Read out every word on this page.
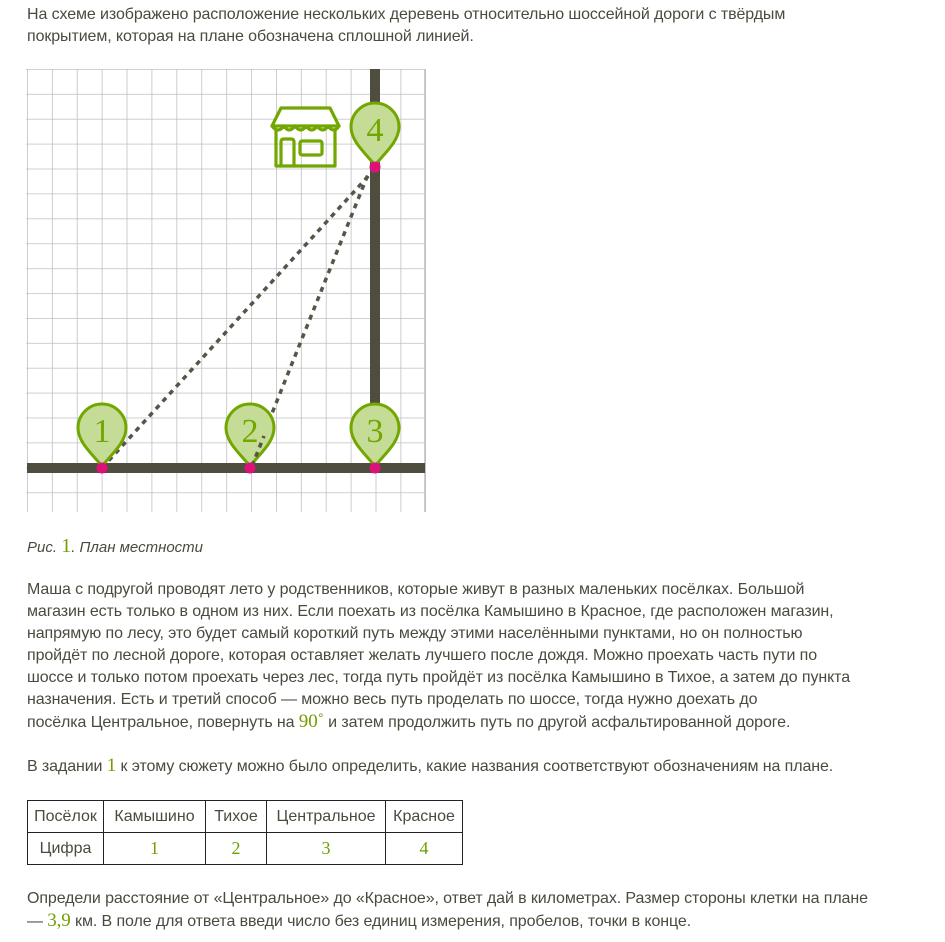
На схеме изображено расположение нескольких деревень относительно шоссейной дороги с твёрдым
покрытием, которая на плане обозначена сплошной линией.

1	2	3
4
Рис. 1. План местности

Маша с подругой проводят лето у родственников, которые живут в разных маленьких посёлках. Большой
магазин есть только в одном из них. Если поехать из посёлка Камышино в Красное, где расположен магазин,
напрямую по лесу, это будет самый короткий путь между этими населёнными пунктами, но он полностью
пройдёт по лесной дороге, которая оставляет желать лучшего после дождя. Можно проехать часть пути по
шоссе и только потом проехать через лес, тогда путь пройдёт из посёлка Камышино в Тихое, а затем до пункта
назначения. Есть и третий способ — можно весь путь проделать по шоссе, тогда нужно доехать до
посёлка Центральное, повернуть на 90˚ и затем продолжить путь по другой асфальтированной дороге.

В задании 1 к этому сюжету можно было определить, какие названия соответствуют обозначениям на плане.

Посёлок	Камышино	Тихое	Центральное	Красное
Цифра	1	2	3	4

Определи расстояние от «Центральное» до «Красное», ответ дай в километрах. Размер стороны клетки на плане
— 3,9 км. В поле для ответа введи число без единиц измерения, пробелов, точки в конце.
